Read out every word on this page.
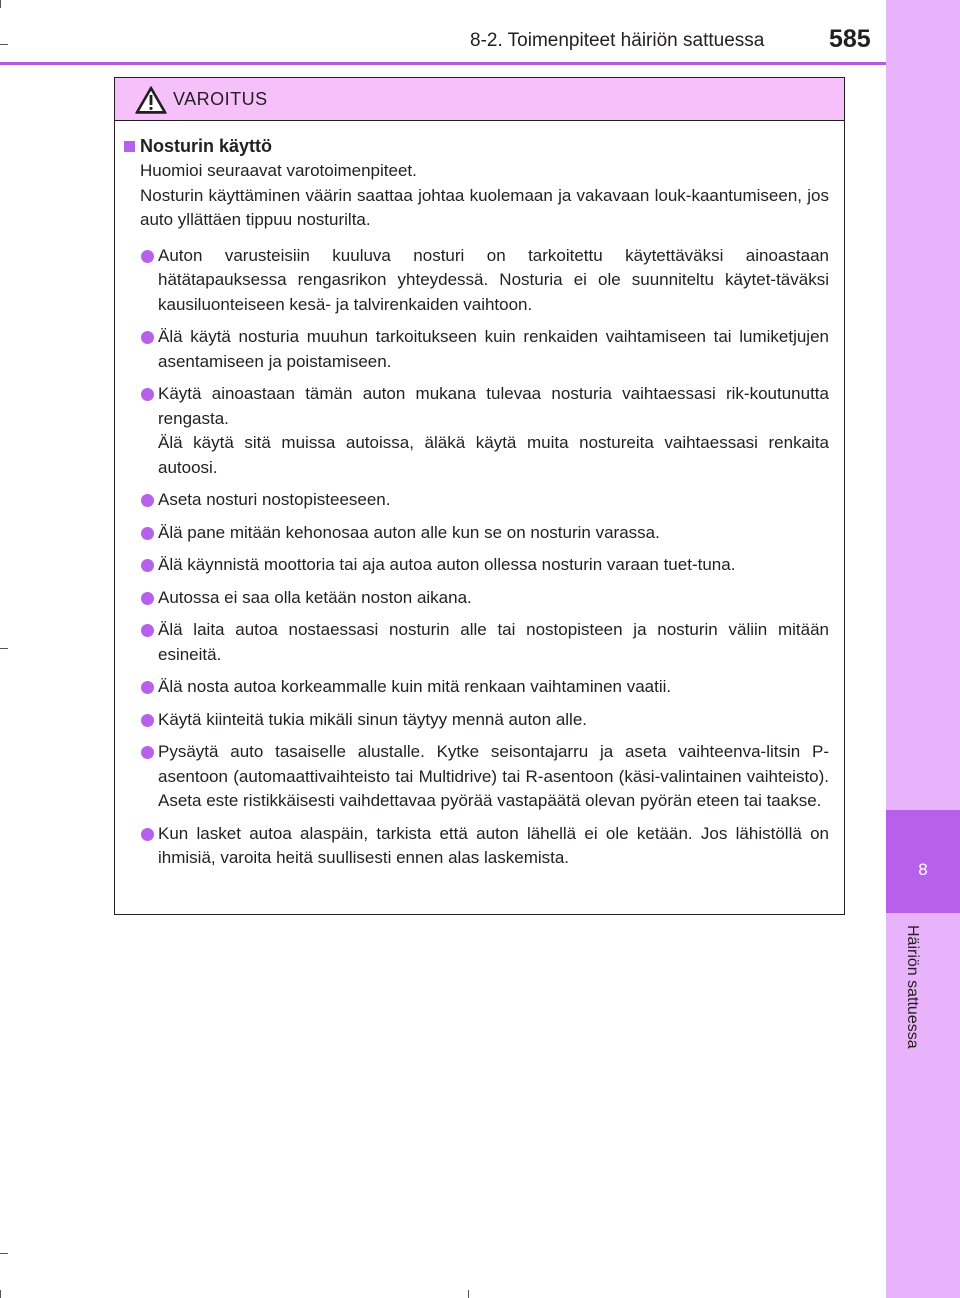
8-2. Toimenpiteet häiriön sattuessa	585
8
Häiriön sattuessa
VAROITUS
Nosturin käyttö
Huomioi seuraavat varotoimenpiteet.
Nosturin käyttäminen väärin saattaa johtaa kuolemaan ja vakavaan louk-kaantumiseen, jos auto yllättäen tippuu nosturilta.
Auton varusteisiin kuuluva nosturi on tarkoitettu käytettäväksi ainoastaan hätätapauksessa rengasrikon yhteydessä. Nosturia ei ole suunniteltu käytet-täväksi kausiluonteiseen kesä- ja talvirenkaiden vaihtoon.
Älä käytä nosturia muuhun tarkoitukseen kuin renkaiden vaihtamiseen tai lumiketjujen asentamiseen ja poistamiseen.
Käytä ainoastaan tämän auton mukana tulevaa nosturia vaihtaessasi rik-koutunutta rengasta.
Älä käytä sitä muissa autoissa, äläkä käytä muita nostureita vaihtaessasi renkaita autoosi.
Aseta nosturi nostopisteeseen.
Älä pane mitään kehonosaa auton alle kun se on nosturin varassa.
Älä käynnistä moottoria tai aja autoa auton ollessa nosturin varaan tuet-tuna.
Autossa ei saa olla ketään noston aikana.
Älä laita autoa nostaessasi nosturin alle tai nostopisteen ja nosturin väliin mitään esineitä.
Älä nosta autoa korkeammalle kuin mitä renkaan vaihtaminen vaatii.
Käytä kiinteitä tukia mikäli sinun täytyy mennä auton alle.
Pysäytä auto tasaiselle alustalle. Kytke seisontajarru ja aseta vaihteenva-litsin P-asentoon (automaattivaihteisto tai Multidrive) tai R-asentoon (käsi-valintainen vaihteisto). Aseta este ristikkäisesti vaihdettavaa pyörää vastapäätä olevan pyörän eteen tai taakse.
Kun lasket autoa alaspäin, tarkista että auton lähellä ei ole ketään. Jos lähistöllä on ihmisiä, varoita heitä suullisesti ennen alas laskemista.
